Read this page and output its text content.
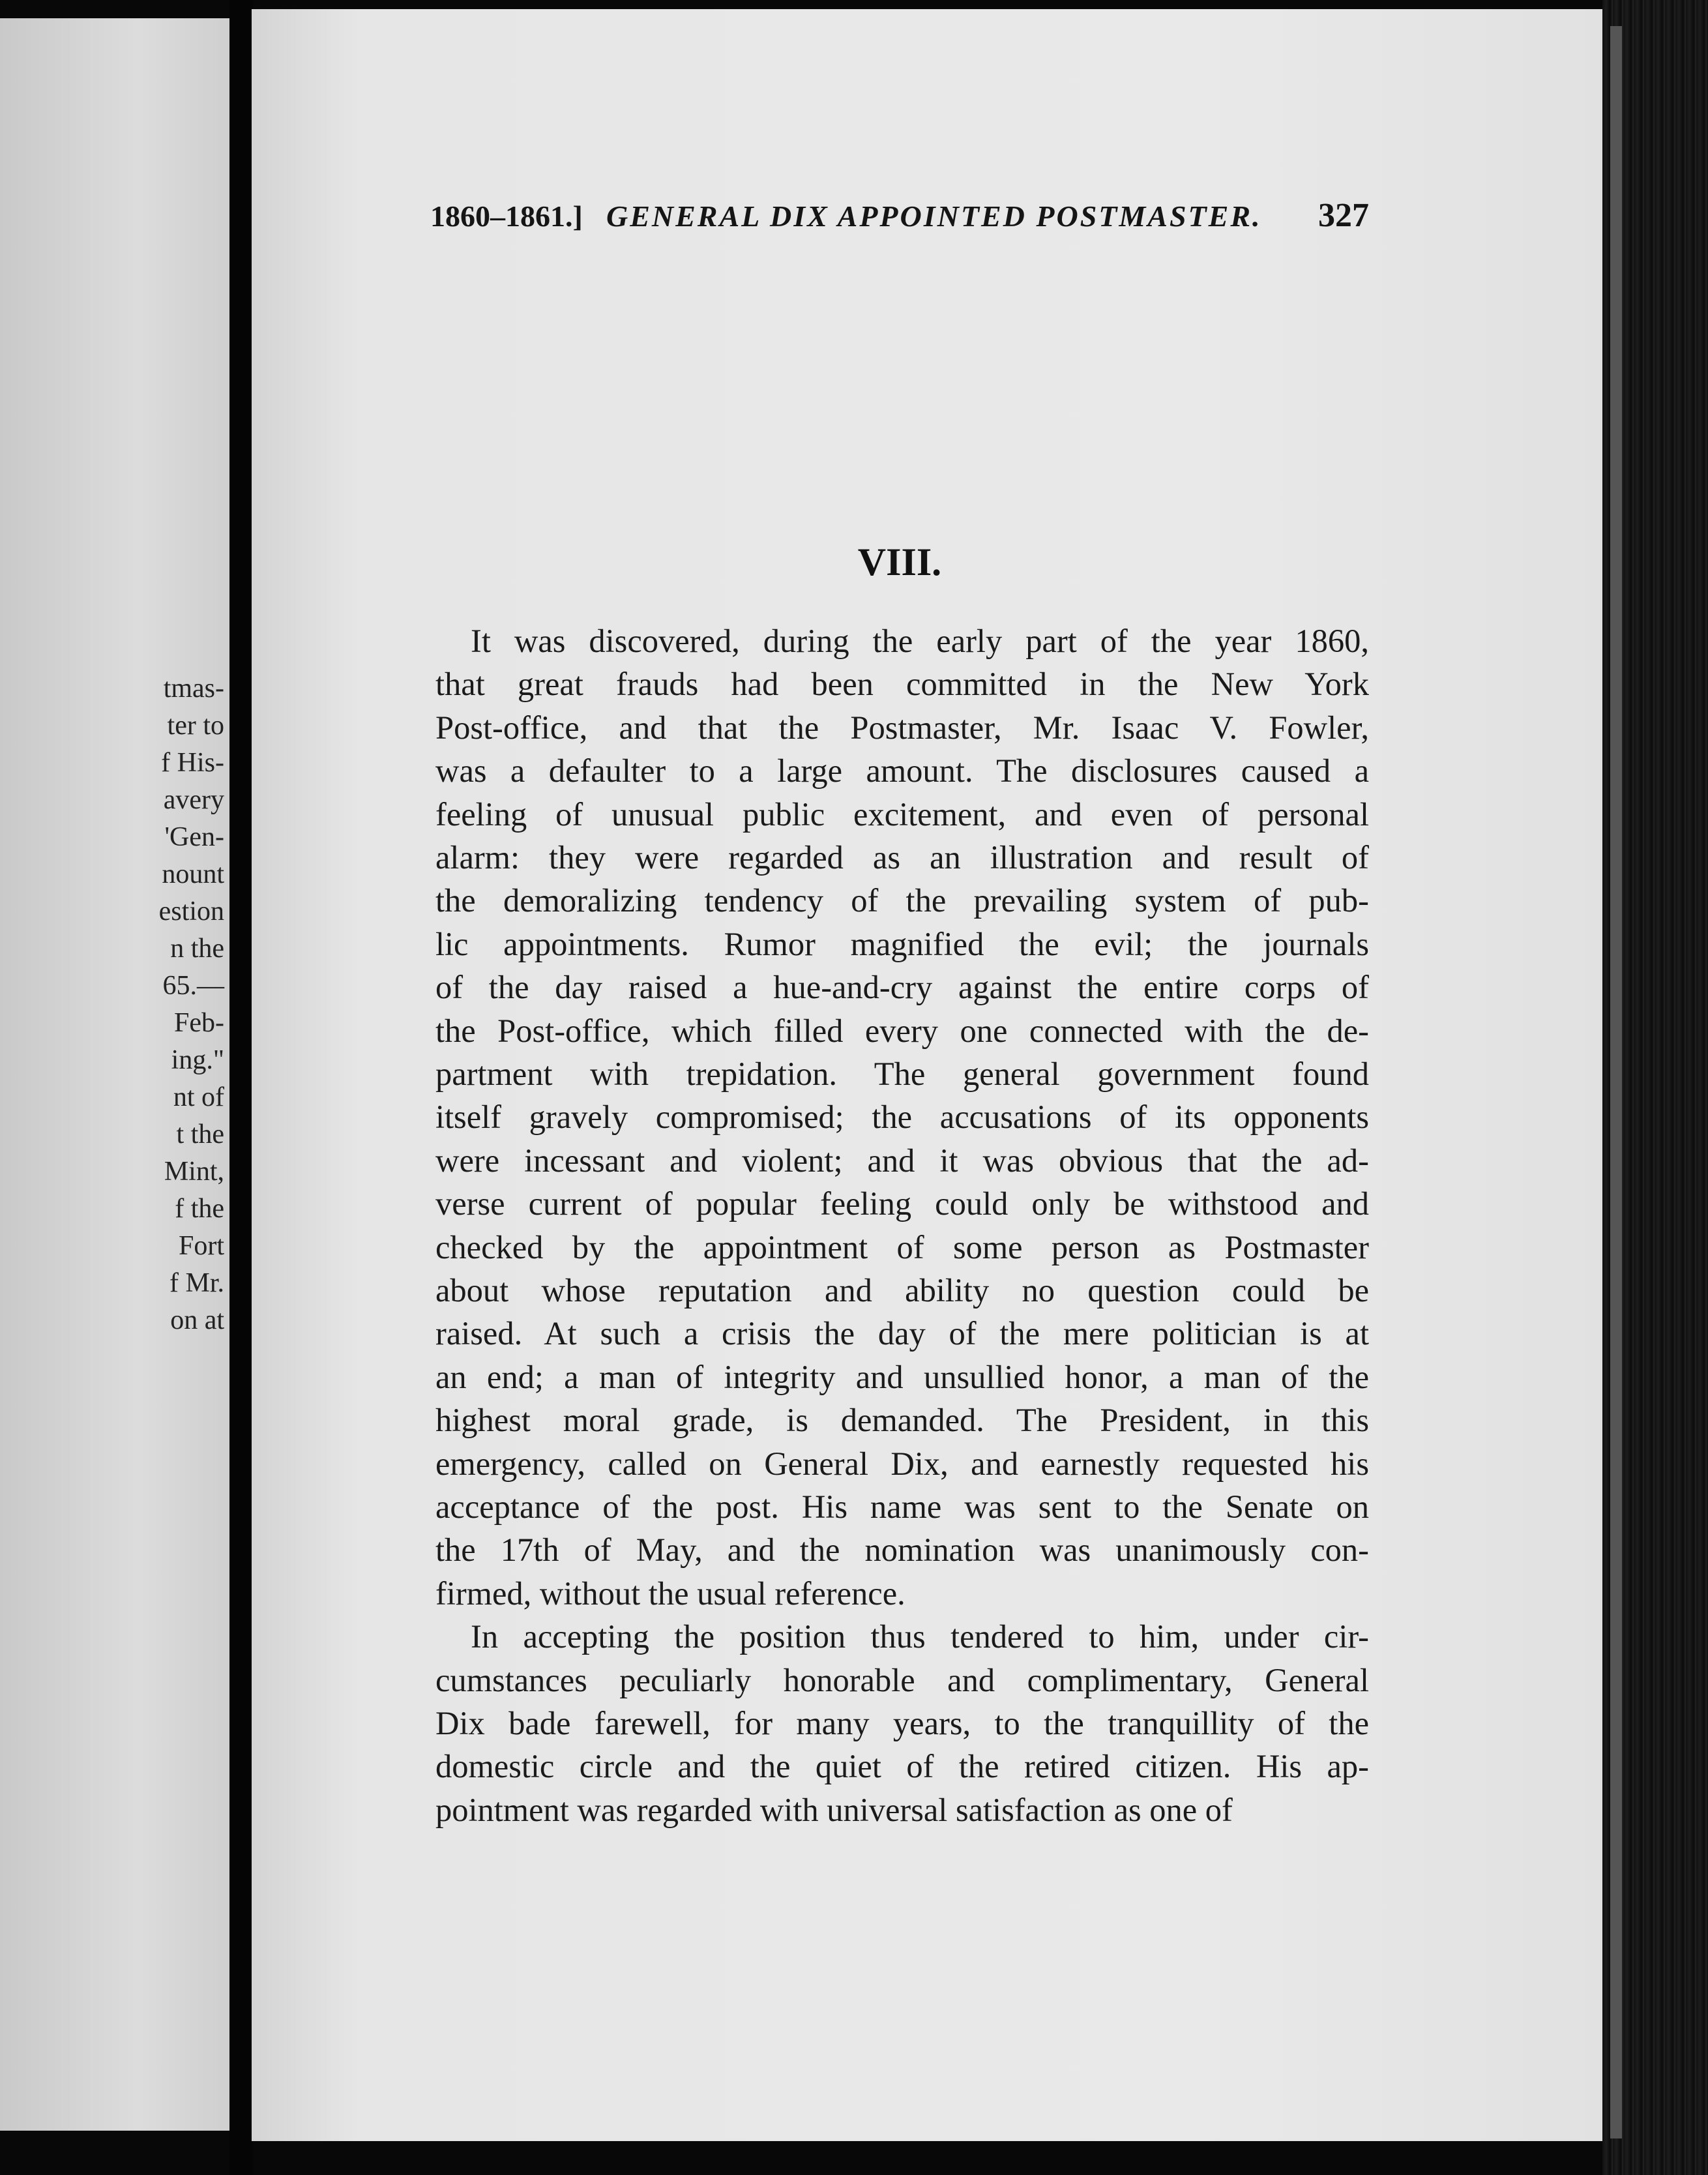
tmas-
ter to
f His-
avery
'Gen-
nount
estion
n the
65.—
Feb-
ing."
nt of
t the
Mint,
f the
Fort
f Mr.
on at
1860–1861.] GENERAL DIX APPOINTED POSTMASTER. 327
VIII.
It was discovered, during the early part of the year 1860,
that great frauds had been committed in the New York
Post-office, and that the Postmaster, Mr. Isaac V. Fowler,
was a defaulter to a large amount. The disclosures caused a
feeling of unusual public excitement, and even of personal
alarm: they were regarded as an illustration and result of
the demoralizing tendency of the prevailing system of pub-
lic appointments. Rumor magnified the evil; the journals
of the day raised a hue-and-cry against the entire corps of
the Post-office, which filled every one connected with the de-
partment with trepidation. The general government found
itself gravely compromised; the accusations of its opponents
were incessant and violent; and it was obvious that the ad-
verse current of popular feeling could only be withstood and
checked by the appointment of some person as Postmaster
about whose reputation and ability no question could be
raised. At such a crisis the day of the mere politician is at
an end; a man of integrity and unsullied honor, a man of the
highest moral grade, is demanded. The President, in this
emergency, called on General Dix, and earnestly requested his
acceptance of the post. His name was sent to the Senate on
the 17th of May, and the nomination was unanimously con-
firmed, without the usual reference.
In accepting the position thus tendered to him, under cir-
cumstances peculiarly honorable and complimentary, General
Dix bade farewell, for many years, to the tranquillity of the
domestic circle and the quiet of the retired citizen. His ap-
pointment was regarded with universal satisfaction as one of
